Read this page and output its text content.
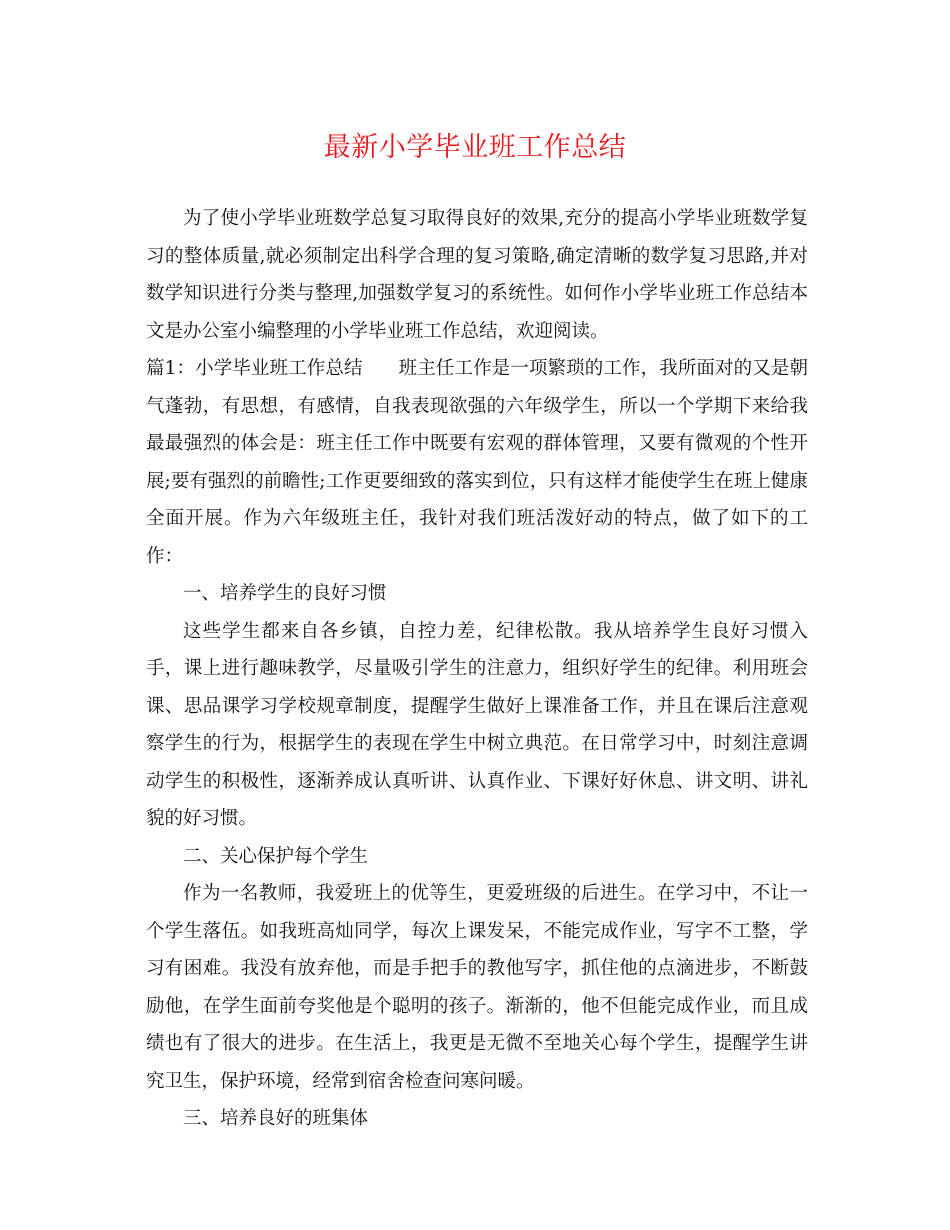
最新小学毕业班工作总结

为了使小学毕业班数学总复习取得良好的效果,充分的提高小学毕业班数学复习的整体质量,就必须制定出科学合理的复习策略,确定清晰的数学复习思路,并对数学知识进行分类与整理,加强数学复习的系统性。如何作小学毕业班工作总结本文是办公室小编整理的小学毕业班工作总结，欢迎阅读。

篇1：小学毕业班工作总结 班主任工作是一项繁琐的工作，我所面对的又是朝气蓬勃，有思想，有感情，自我表现欲强的六年级学生，所以一个学期下来给我最最强烈的体会是：班主任工作中既要有宏观的群体管理，又要有微观的个性开展;要有强烈的前瞻性;工作更要细致的落实到位，只有这样才能使学生在班上健康全面开展。作为六年级班主任，我针对我们班活泼好动的特点，做了如下的工作：

一、培养学生的良好习惯

这些学生都来自各乡镇，自控力差，纪律松散。我从培养学生良好习惯入手，课上进行趣味教学，尽量吸引学生的注意力，组织好学生的纪律。利用班会课、思品课学习学校规章制度，提醒学生做好上课准备工作，并且在课后注意观察学生的行为，根据学生的表现在学生中树立典范。在日常学习中，时刻注意调动学生的积极性，逐渐养成认真听讲、认真作业、下课好好休息、讲文明、讲礼貌的好习惯。

二、关心保护每个学生

作为一名教师，我爱班上的优等生，更爱班级的后进生。在学习中，不让一个学生落伍。如我班高灿同学，每次上课发呆，不能完成作业，写字不工整，学习有困难。我没有放弃他，而是手把手的教他写字，抓住他的点滴进步，不断鼓励他，在学生面前夸奖他是个聪明的孩子。渐渐的，他不但能完成作业，而且成绩也有了很大的进步。在生活上，我更是无微不至地关心每个学生，提醒学生讲究卫生，保护环境，经常到宿舍检查问寒问暖。

三、培养良好的班集体
